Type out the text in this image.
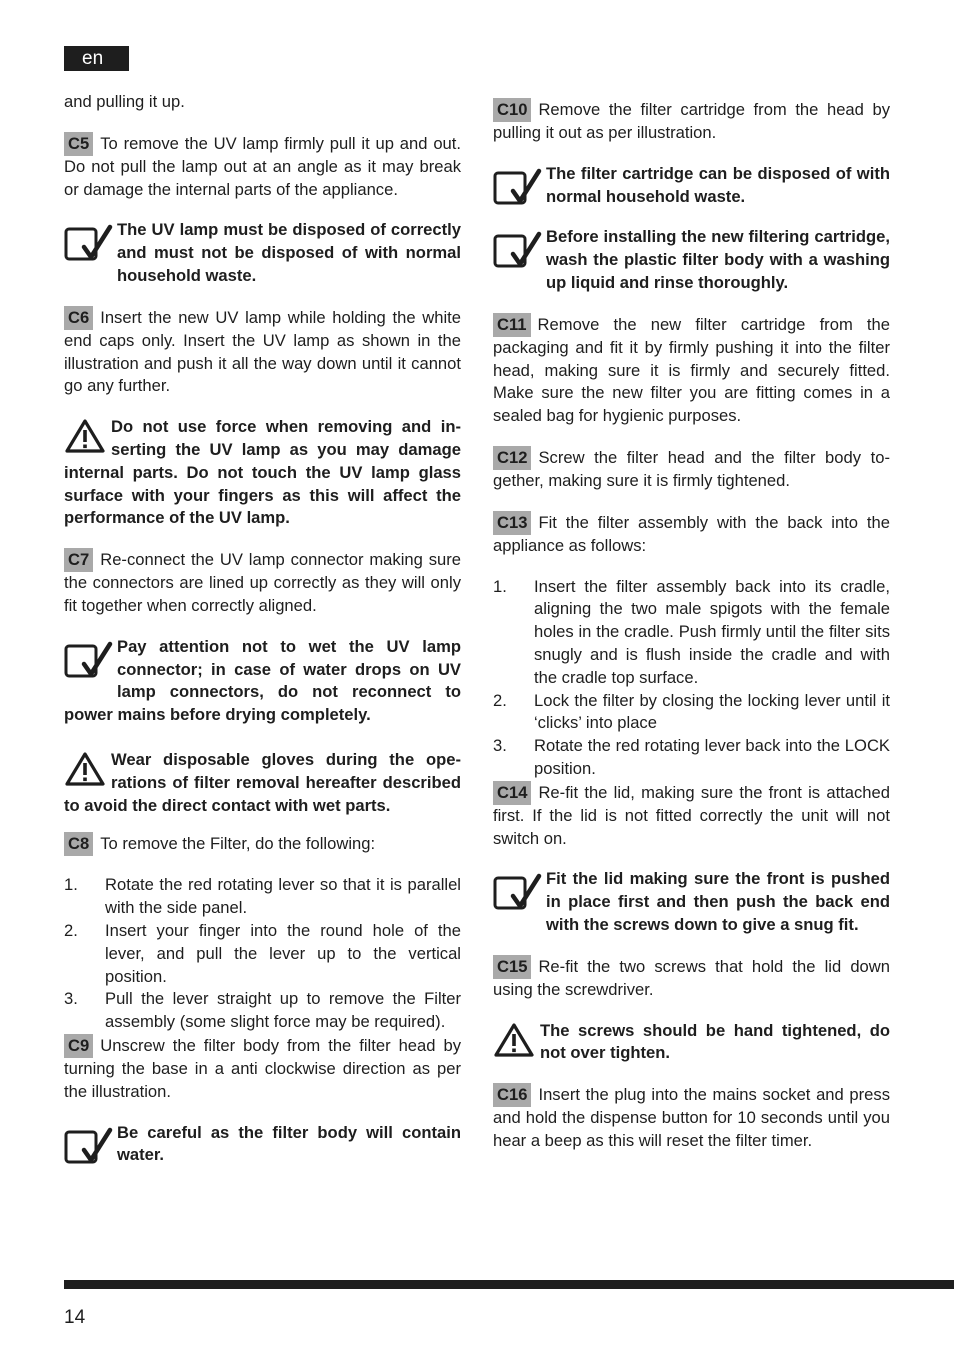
en

and pulling it up.

C5 To remove the UV lamp firmly pull it up and out. Do not pull the lamp out at an angle as it may break or damage the internal parts of the appliance.

The UV lamp must be disposed of correctly and must not be disposed of with normal household waste.

C6 Insert the new UV lamp while holding the white end caps only. Insert the UV lamp as shown in the illustration and push it all the way down until it cannot go any further.

Do not use force when removing and inserting the UV lamp as you may damage internal parts. Do not touch the UV lamp glass surface with your fingers as this will affect the performance of the UV lamp.

C7 Re-connect the UV lamp connector making sure the connectors are lined up correctly as they will only fit together when correctly aligned.

Pay attention not to wet the UV lamp connector; in case of water drops on UV lamp connectors, do not reconnect to power mains before drying completely.

Wear disposable gloves during the operations of filter removal hereafter described to avoid the direct contact with wet parts.

C8 To remove the Filter, do the following:

1. Rotate the red rotating lever so that it is parallel with the side panel.
2. Insert your finger into the round hole of the lever, and pull the lever up to the vertical position.
3. Pull the lever straight up to remove the Filter assembly (some slight force may be required).

C9 Unscrew the filter body from the filter head by turning the base in a anti clockwise direction as per the illustration.

Be careful as the filter body will contain water.

C10 Remove the filter cartridge from the head by pulling it out as per illustration.

The filter cartridge can be disposed of with normal household waste.

Before installing the new filtering cartridge, wash the plastic filter body with a washing up liquid and rinse thoroughly.

C11 Remove the new filter cartridge from the packaging and fit it by firmly pushing it into the filter head, making sure it is firmly and securely fitted. Make sure the new filter you are fitting comes in a sealed bag for hygienic purposes.

C12 Screw the filter head and the filter body together, making sure it is firmly tightened.

C13 Fit the filter assembly with the back into the appliance as follows:

1. Insert the filter assembly back into its cradle, aligning the two male spigots with the female holes in the cradle. Push firmly until the filter sits snugly and is flush inside the cradle and with the cradle top surface.
2. Lock the filter by closing the locking lever until it ‘clicks’ into place
3. Rotate the red rotating lever back into the LOCK position.

C14 Re-fit the lid, making sure the front is attached first. If the lid is not fitted correctly the unit will not switch on.

Fit the lid making sure the front is pushed in place first and then push the back end with the screws down to give a snug fit.

C15 Re-fit the two screws that hold the lid down using the screwdriver.

The screws should be hand tightened, do not over tighten.

C16 Insert the plug into the mains socket and press and hold the dispense button for 10 seconds until you hear a beep as this will reset the filter timer.

14
